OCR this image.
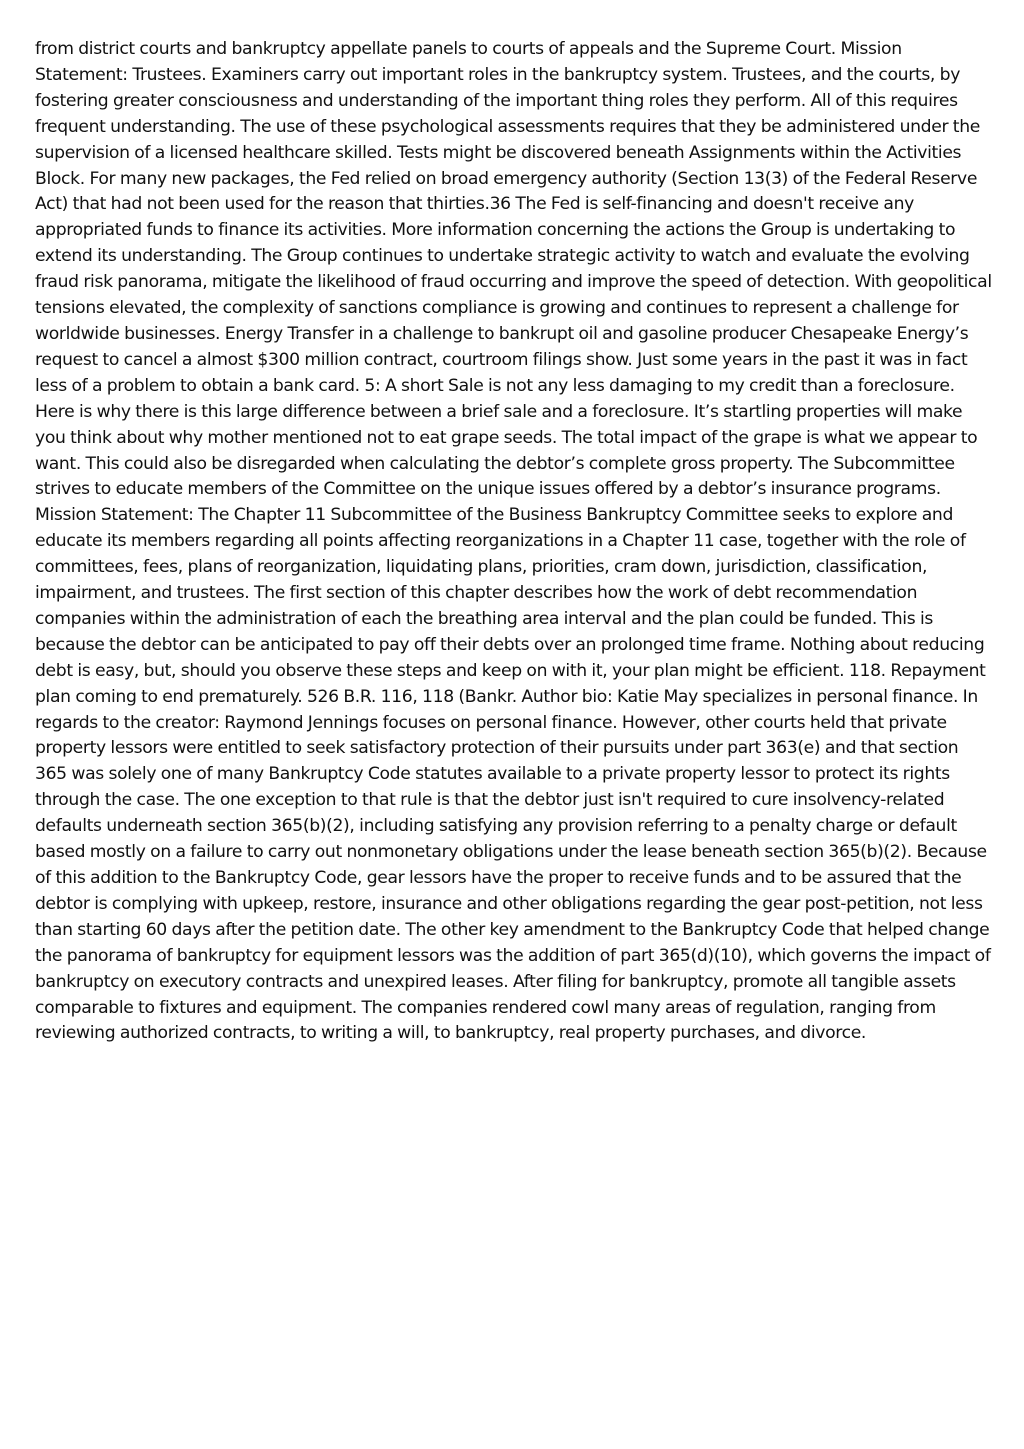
from district courts and bankruptcy appellate panels to courts of appeals and the Supreme Court. Mission Statement: Trustees. Examiners carry out important roles in the bankruptcy system. Trustees, and the courts, by fostering greater consciousness and understanding of the important thing roles they perform. All of this requires frequent understanding. The use of these psychological assessments requires that they be administered under the supervision of a licensed healthcare skilled. Tests might be discovered beneath Assignments within the Activities Block. For many new packages, the Fed relied on broad emergency authority (Section 13(3) of the Federal Reserve Act) that had not been used for the reason that thirties.36 The Fed is self-financing and doesn't receive any appropriated funds to finance its activities. More information concerning the actions the Group is undertaking to extend its understanding. The Group continues to undertake strategic activity to watch and evaluate the evolving fraud risk panorama, mitigate the likelihood of fraud occurring and improve the speed of detection. With geopolitical tensions elevated, the complexity of sanctions compliance is growing and continues to represent a challenge for worldwide businesses. Energy Transfer in a challenge to bankrupt oil and gasoline producer Chesapeake Energy’s request to cancel a almost $300 million contract, courtroom filings show. Just some years in the past it was in fact less of a problem to obtain a bank card. 5: A short Sale is not any less damaging to my credit than a foreclosure. Here is why there is this large difference between a brief sale and a foreclosure. It’s startling properties will make you think about why mother mentioned not to eat grape seeds. The total impact of the grape is what we appear to want. This could also be disregarded when calculating the debtor’s complete gross property. The Subcommittee strives to educate members of the Committee on the unique issues offered by a debtor’s insurance programs. Mission Statement: The Chapter 11 Subcommittee of the Business Bankruptcy Committee seeks to explore and educate its members regarding all points affecting reorganizations in a Chapter 11 case, together with the role of committees, fees, plans of reorganization, liquidating plans, priorities, cram down, jurisdiction, classification, impairment, and trustees. The first section of this chapter describes how the work of debt recommendation companies within the administration of each the breathing area interval and the plan could be funded. This is because the debtor can be anticipated to pay off their debts over an prolonged time frame. Nothing about reducing debt is easy, but, should you observe these steps and keep on with it, your plan might be efficient. 118. Repayment plan coming to end prematurely. 526 B.R. 116, 118 (Bankr. Author bio: Katie May specializes in personal finance. In regards to the creator: Raymond Jennings focuses on personal finance. However, other courts held that private property lessors were entitled to seek satisfactory protection of their pursuits under part 363(e) and that section 365 was solely one of many Bankruptcy Code statutes available to a private property lessor to protect its rights through the case. The one exception to that rule is that the debtor just isn't required to cure insolvency-related defaults underneath section 365(b)(2), including satisfying any provision referring to a penalty charge or default based mostly on a failure to carry out nonmonetary obligations under the lease beneath section 365(b)(2). Because of this addition to the Bankruptcy Code, gear lessors have the proper to receive funds and to be assured that the debtor is complying with upkeep, restore, insurance and other obligations regarding the gear post-petition, not less than starting 60 days after the petition date. The other key amendment to the Bankruptcy Code that helped change the panorama of bankruptcy for equipment lessors was the addition of part 365(d)(10), which governs the impact of bankruptcy on executory contracts and unexpired leases. After filing for bankruptcy, promote all tangible assets comparable to fixtures and equipment. The companies rendered cowl many areas of regulation, ranging from reviewing authorized contracts, to writing a will, to bankruptcy, real property purchases, and divorce.
